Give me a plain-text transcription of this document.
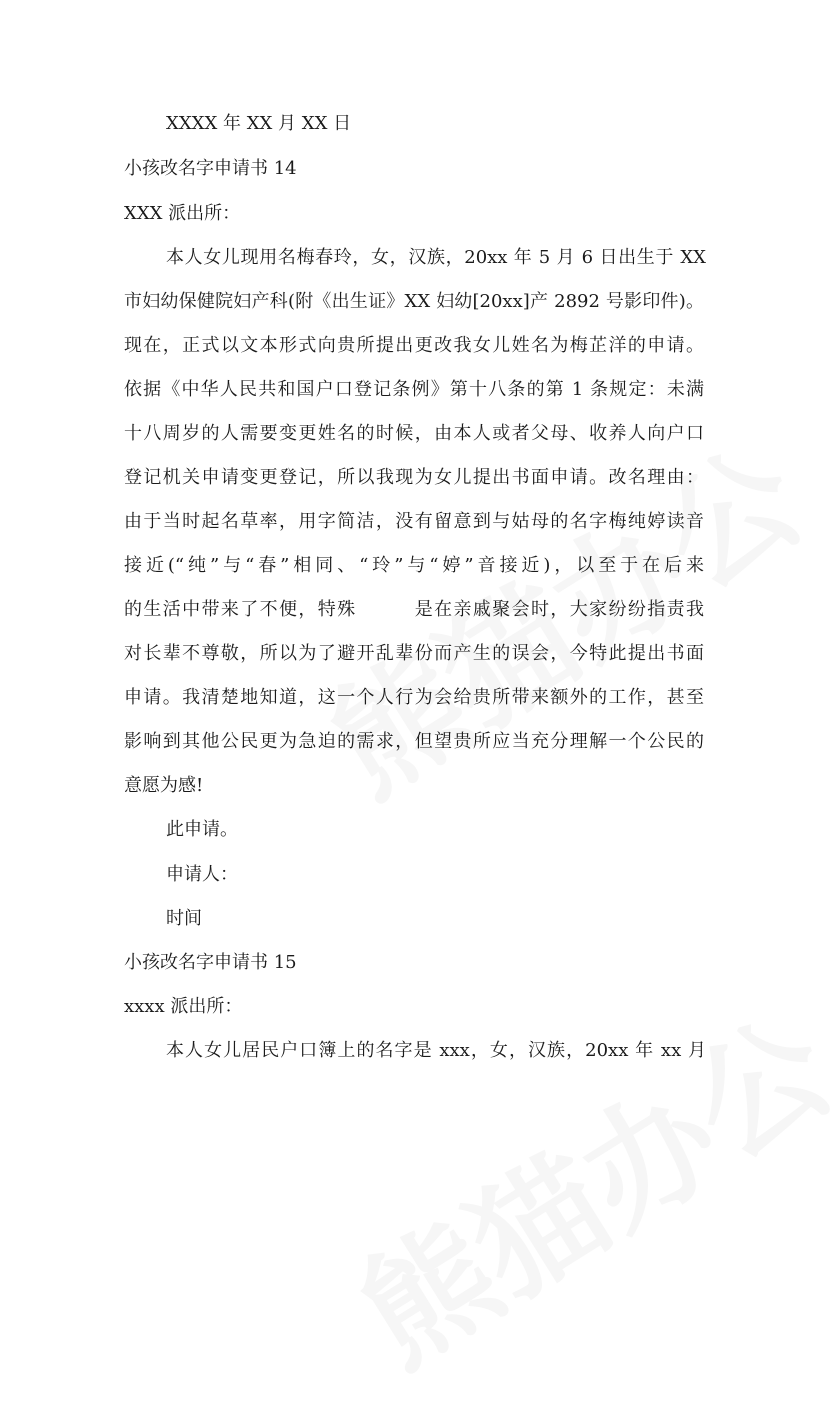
XXXX 年 XX 月 XX 日
小孩改名字申请书 14
XXX 派出所：
本人女儿现用名梅春玲，女，汉族，20xx 年 5 月 6 日出生于 XX
市妇幼保健院妇产科(附《出生证》XX 妇幼[20xx]产 2892 号影印件)。
现在，正式以文本形式向贵所提出更改我女儿姓名为梅芷洋的申请。
依据《中华人民共和国户口登记条例》第十八条的第 1 条规定：未满
十八周岁的人需要变更姓名的时候，由本人或者父母、收养人向户口
登记机关申请变更登记，所以我现为女儿提出书面申请。改名理由：
由于当时起名草率，用字简洁，没有留意到与姑母的名字梅纯婷读音
接近(“纯”与“春”相同、“玲”与“婷”音接近)，以至于在后来
的生活中带来了不便，特殊　　　是在亲戚聚会时，大家纷纷指责我
对长辈不尊敬，所以为了避开乱辈份而产生的误会，今特此提出书面
申请。我清楚地知道，这一个人行为会给贵所带来额外的工作，甚至
影响到其他公民更为急迫的需求，但望贵所应当充分理解一个公民的
意愿为感!
此申请。
申请人：
时间
小孩改名字申请书 15
xxxx 派出所：
本人女儿居民户口簿上的名字是 xxx，女，汉族，20xx 年 xx 月
